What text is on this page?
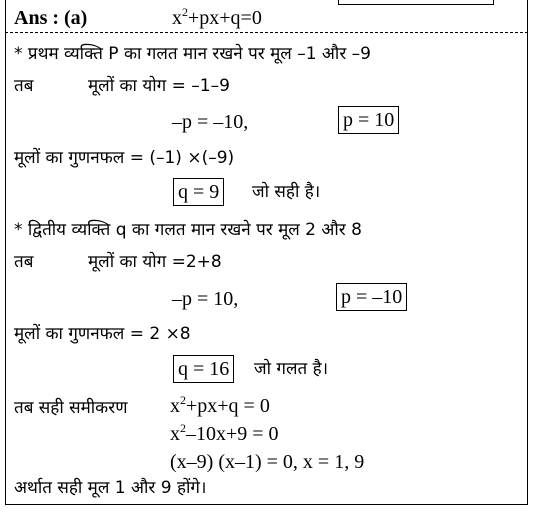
Ans : (a)	$x^2+px+q=0$
* प्रथम व्यक्ति P का गलत मान रखने पर मूल –1 और –9
तब	मूलों का योग = –1–9
–p = –10,	p = 10
मूलों का गुणनफल = (–1) ×(–9)
q = 9 जो सही है।
* द्वितीय व्यक्ति q का गलत मान रखने पर मूल 2 और 8
तब	मूलों का योग =2+8
–p = 10,	p = –10
मूलों का गुणनफल = 2 ×8
q = 16 जो गलत है।
तब सही समीकरण $x^2+px+q = 0$
$x^2-10x+9 = 0$
(x–9) (x–1) = 0, x = 1, 9
अर्थात सही मूल 1 और 9 होंगे।
